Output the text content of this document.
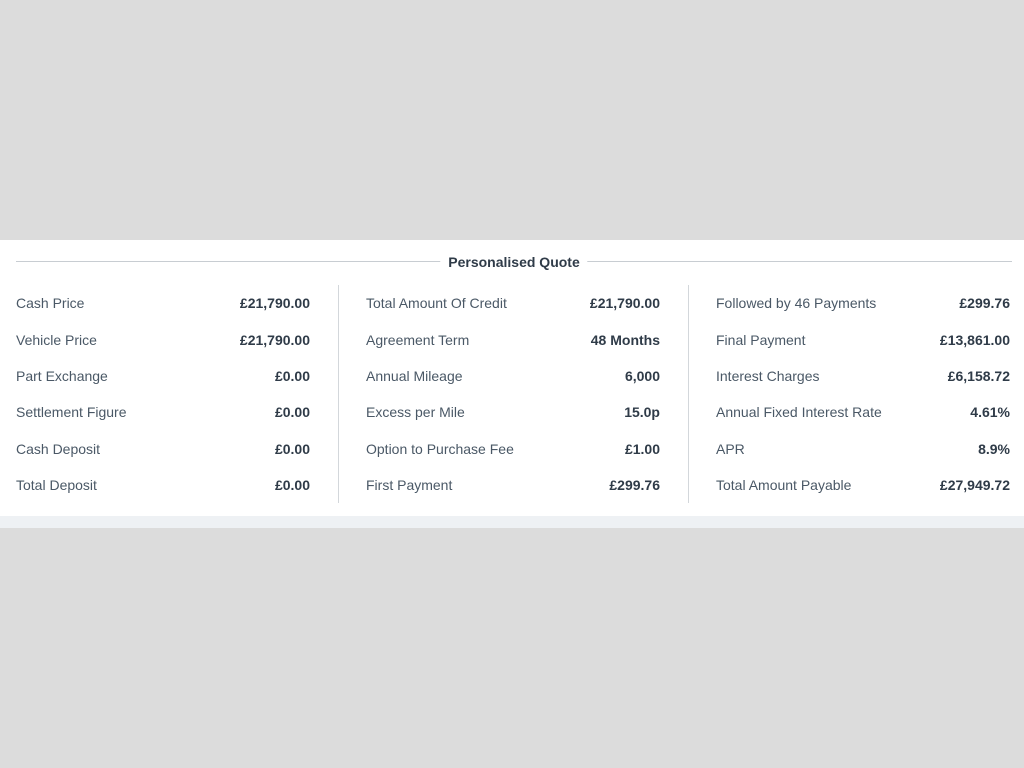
Personalised Quote
Cash Price	£21,790.00
Vehicle Price	£21,790.00
Part Exchange	£0.00
Settlement Figure	£0.00
Cash Deposit	£0.00
Total Deposit	£0.00
Total Amount Of Credit	£21,790.00
Agreement Term	48 Months
Annual Mileage	6,000
Excess per Mile	15.0p
Option to Purchase Fee	£1.00
First Payment	£299.76
Followed by 46 Payments	£299.76
Final Payment	£13,861.00
Interest Charges	£6,158.72
Annual Fixed Interest Rate	4.61%
APR	8.9%
Total Amount Payable	£27,949.72
